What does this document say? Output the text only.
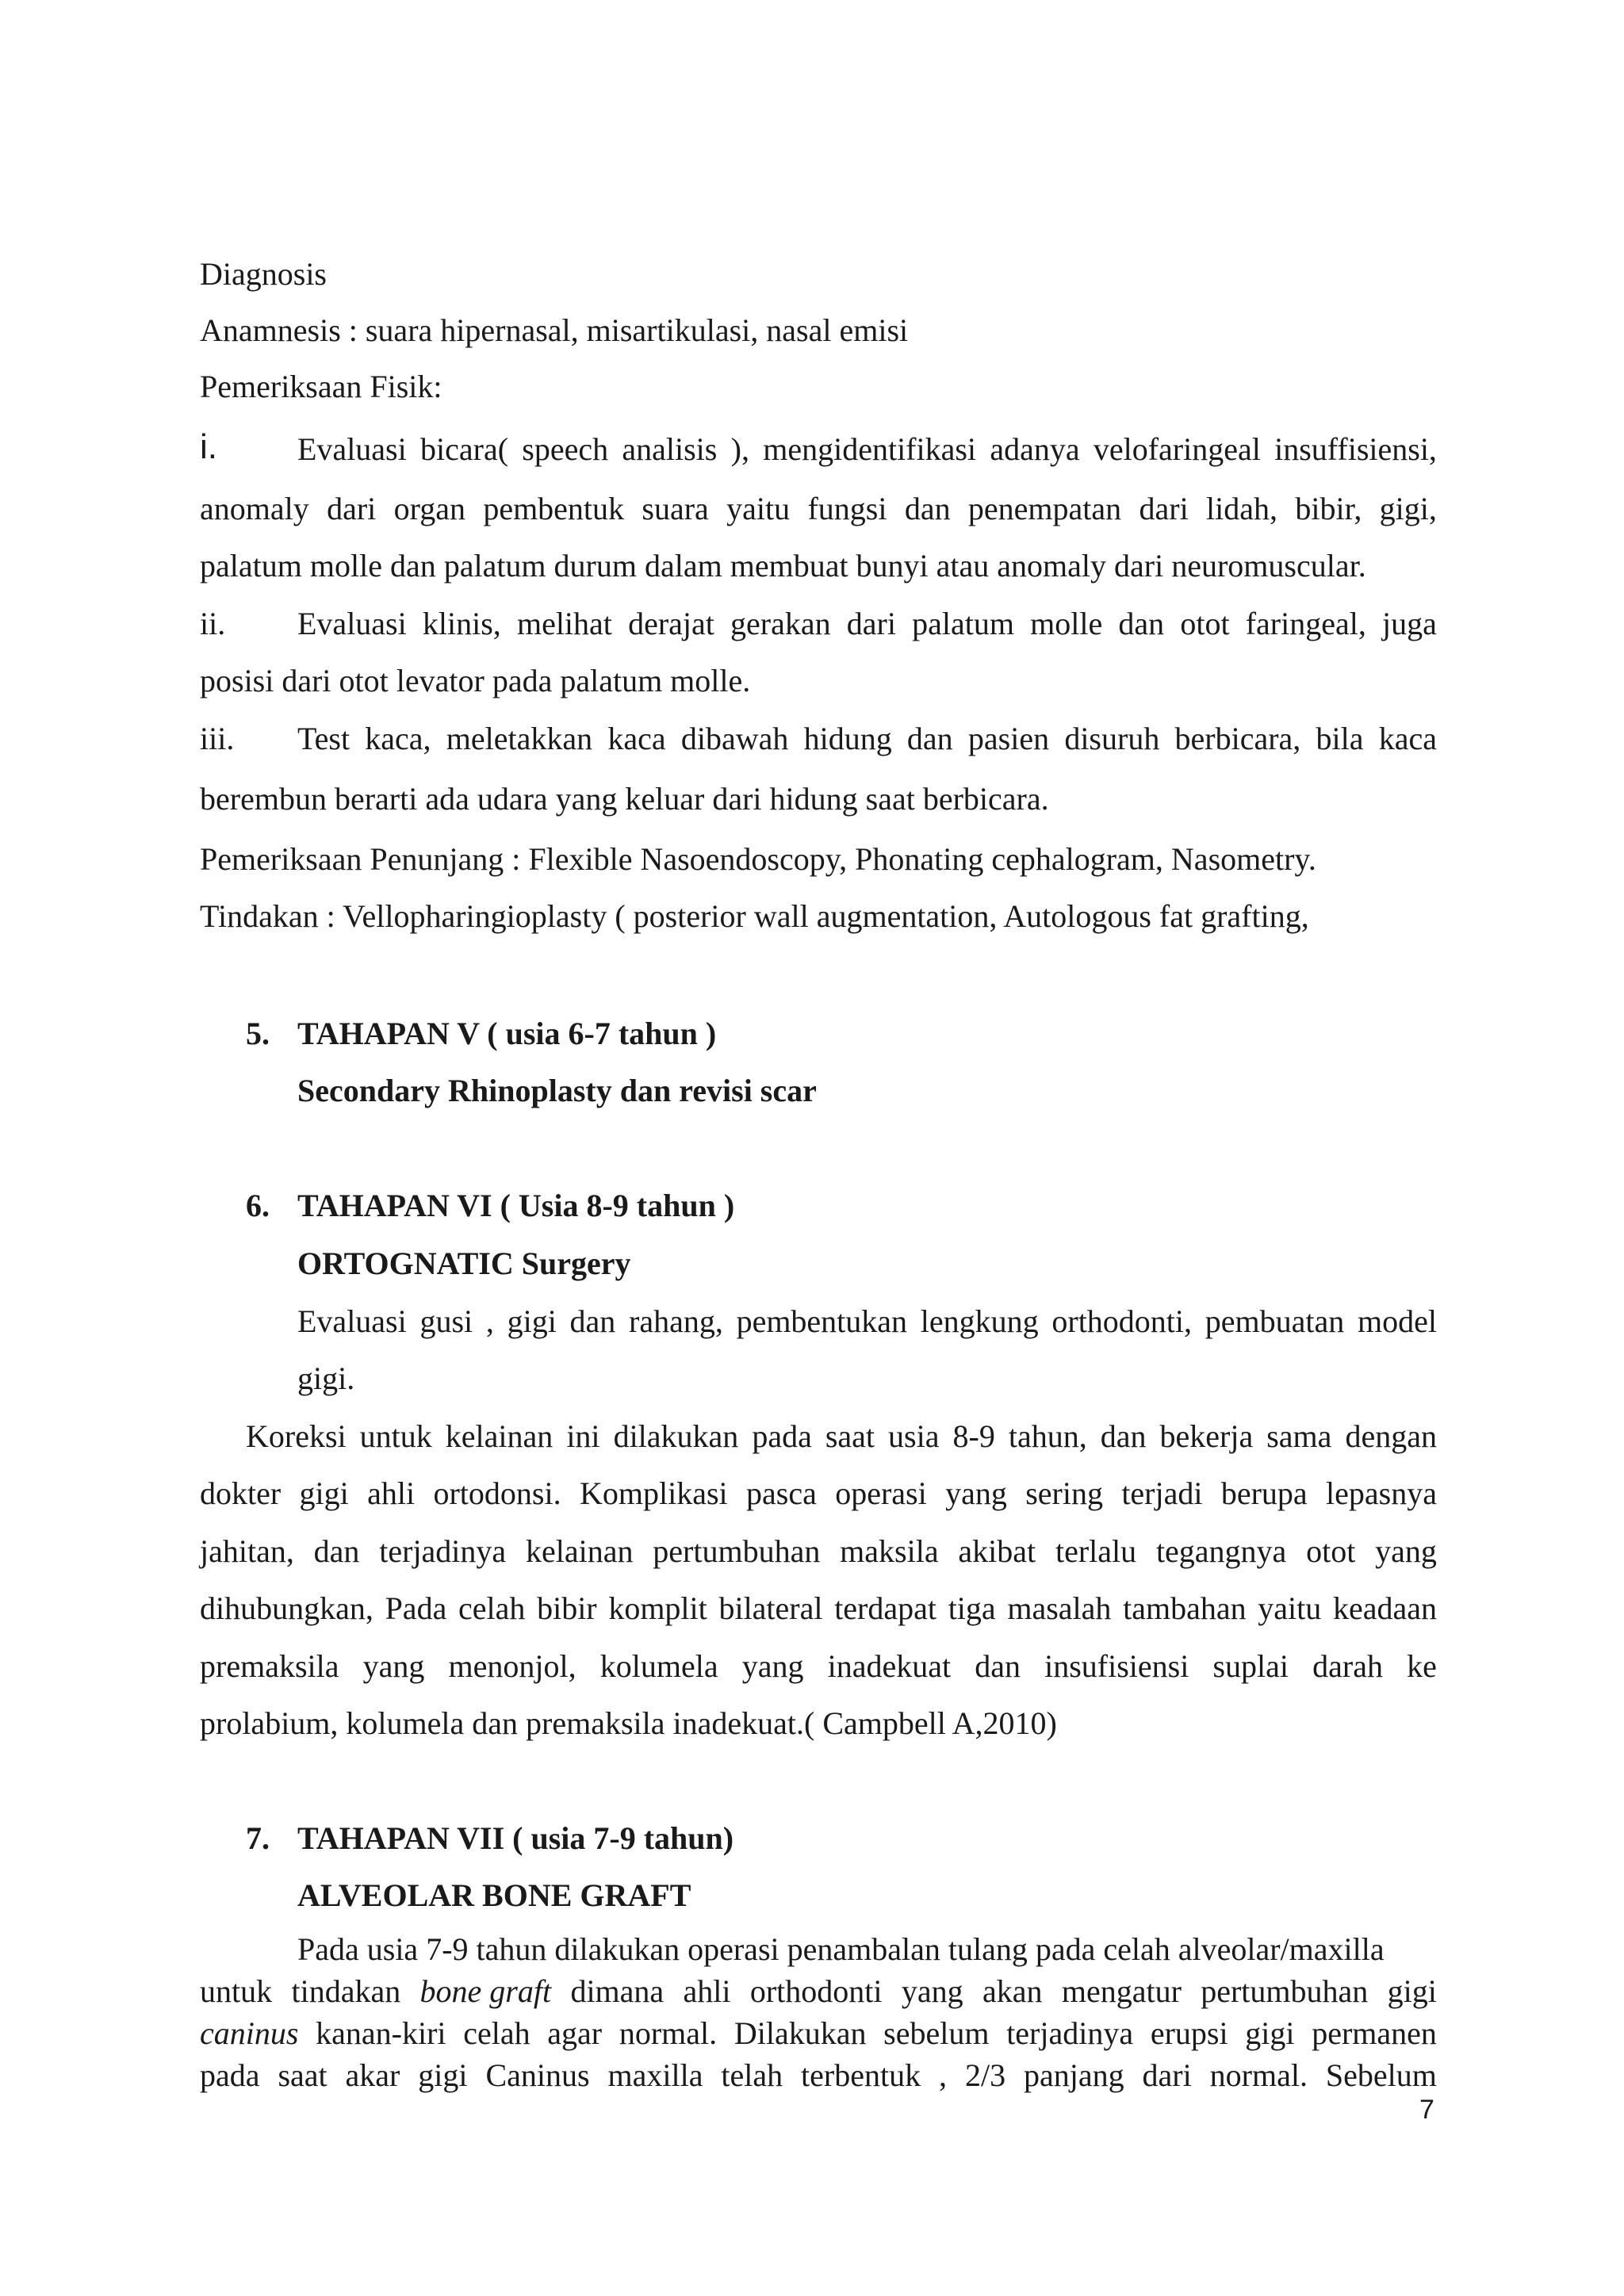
Diagnosis
Anamnesis : suara hipernasal, misartikulasi, nasal emisi
Pemeriksaan Fisik:
i.	Evaluasi bicara( speech analisis ), mengidentifikasi adanya velofaringeal insuffisiensi,
anomaly dari organ pembentuk suara yaitu fungsi dan penempatan dari lidah, bibir, gigi,
palatum molle dan palatum durum dalam membuat bunyi atau anomaly dari neuromuscular.
ii. Evaluasi klinis, melihat derajat gerakan dari palatum molle dan otot faringeal, juga
posisi dari otot levator pada palatum molle.
iii. Test kaca, meletakkan kaca dibawah hidung dan pasien disuruh berbicara, bila kaca
berembun berarti ada udara yang keluar dari hidung saat berbicara.
Pemeriksaan Penunjang : Flexible Nasoendoscopy, Phonating cephalogram, Nasometry.
Tindakan : Vellopharingioplasty ( posterior wall augmentation, Autologous fat grafting,
5. TAHAPAN V ( usia 6-7 tahun )
Secondary Rhinoplasty dan revisi scar
6. TAHAPAN VI ( Usia 8-9 tahun )
ORTOGNATIC Surgery
Evaluasi gusi , gigi dan rahang, pembentukan lengkung orthodonti, pembuatan model
gigi.
Koreksi untuk kelainan ini dilakukan pada saat usia 8-9 tahun, dan bekerja sama dengan
dokter gigi ahli ortodonsi. Komplikasi pasca operasi yang sering terjadi berupa lepasnya
jahitan, dan terjadinya kelainan pertumbuhan maksila akibat terlalu tegangnya otot yang
dihubungkan, Pada celah bibir komplit bilateral terdapat tiga masalah tambahan yaitu keadaan
premaksila yang menonjol, kolumela yang inadekuat dan insufisiensi suplai darah ke
prolabium, kolumela dan premaksila inadekuat.( Campbell A,2010)
7. TAHAPAN VII ( usia 7-9 tahun)
ALVEOLAR BONE GRAFT
Pada usia 7-9 tahun dilakukan operasi penambalan tulang pada celah alveolar/maxilla
untuk tindakan bone graft dimana ahli orthodonti yang akan mengatur pertumbuhan gigi
caninus kanan-kiri celah agar normal. Dilakukan sebelum terjadinya erupsi gigi permanen
pada saat akar gigi Caninus maxilla telah terbentuk , 2/3 panjang dari normal. Sebelum
7
